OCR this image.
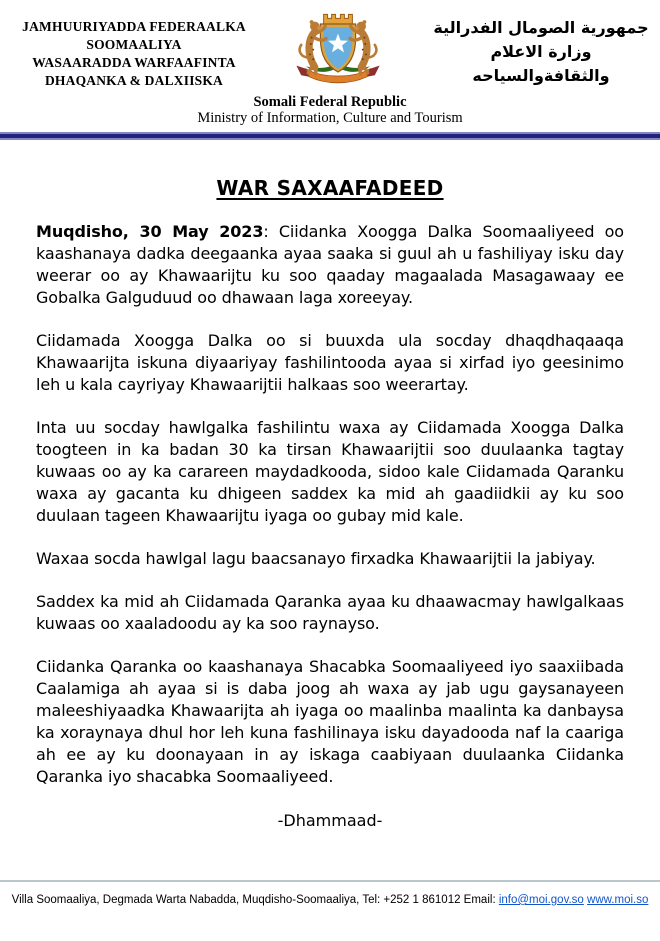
JAMHUURIYADDA FEDERAALKA
SOOMAALIYA
WASAARADDA WARFAAFINTA
DHAQANKA & DALXIISKA
جمهورية الصومال الفدرالية
وزارة الاعلام
والثقافةوالسياحه
Somali Federal Republic
Ministry of Information, Culture and Tourism
WAR SAXAAFADEED

Muqdisho, 30 May 2023: Ciidanka Xoogga Dalka Soomaaliyeed oo kaashanaya dadka deegaanka ayaa saaka si guul ah u fashiliyay isku day weerar oo ay Khawaarijtu ku soo qaaday magaalada Masagawaay ee Gobalka Galguduud oo dhawaan laga xoreeyay.

Ciidamada Xoogga Dalka oo si buuxda ula socday dhaqdhaqaaqa Khawaarijta iskuna diyaariyay fashilintooda ayaa si xirfad iyo geesinimo leh u kala cayriyay Khawaarijtii halkaas soo weerartay.

Inta uu socday hawlgalka fashilintu waxa ay Ciidamada Xoogga Dalka toogteen in ka badan 30 ka tirsan Khawaarijtii soo duulaanka tagtay kuwaas oo ay ka carareen maydadkooda, sidoo kale Ciidamada Qaranku waxa ay gacanta ku dhigeen saddex ka mid ah gaadiidkii ay ku soo duulaan tageen Khawaarijtu iyaga oo gubay mid kale.

Waxaa socda hawlgal lagu baacsanayo firxadka Khawaarijtii la jabiyay.

Saddex ka mid ah Ciidamada Qaranka ayaa ku dhaawacmay hawlgalkaas kuwaas oo xaaladoodu ay ka soo raynayso.

Ciidanka Qaranka oo kaashanaya Shacabka Soomaaliyeed iyo saaxiibada Caalamiga ah ayaa si is daba joog ah waxa ay jab ugu gaysanayeen maleeshiyaadka Khawaarijta ah iyaga oo maalinba maalinta ka danbaysa ka xoraynaya dhul hor leh kuna fashilinaya isku dayadooda naf la caariga ah ee ay ku doonayaan in ay iskaga caabiyaan duulaanka Ciidanka Qaranka iyo shacabka Soomaaliyeed.

-Dhammaad-

Villa Soomaaliya, Degmada Warta Nabadda, Muqdisho-Soomaaliya, Tel: +252 1 861012 Email: info@moi.gov.so www.moi.so
